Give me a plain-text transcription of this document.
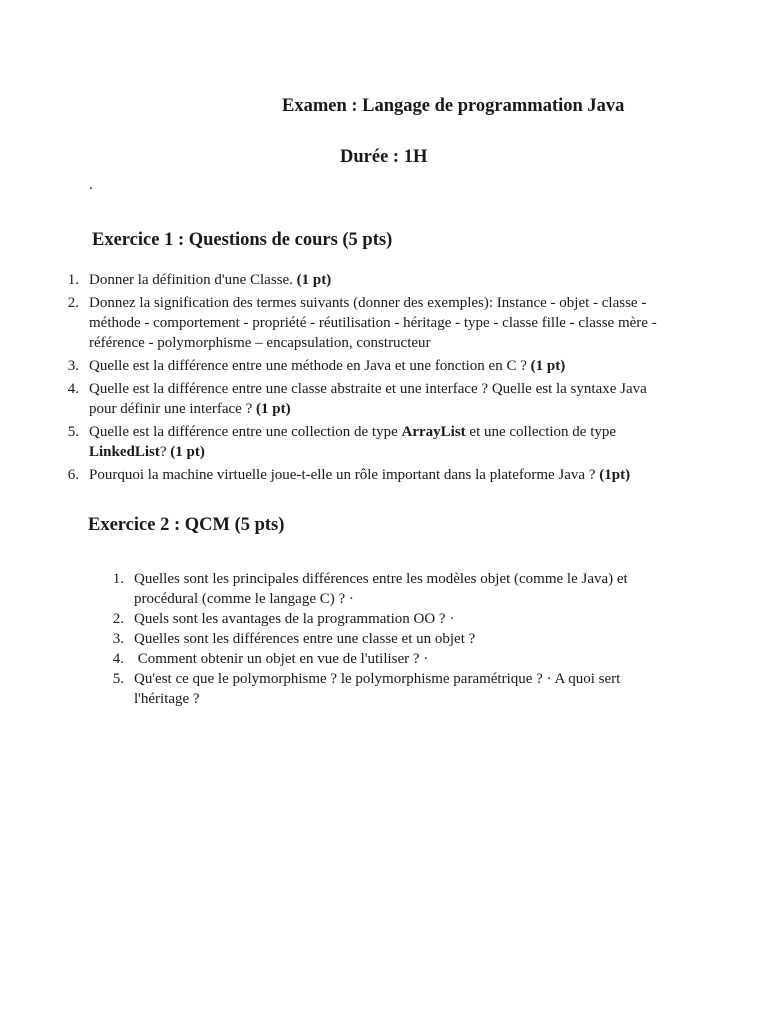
Examen : Langage de programmation Java
Durée : 1H
.
Exercice 1 : Questions de cours (5 pts)
1. Donner la définition d'une Classe. (1 pt)
2. Donnez la signification des termes suivants (donner des exemples): Instance - objet - classe - méthode - comportement - propriété - réutilisation - héritage - type - classe fille - classe mère - référence - polymorphisme – encapsulation, constructeur
3. Quelle est la différence entre une méthode en Java et une fonction en C ? (1 pt)
4. Quelle est la différence entre une classe abstraite et une interface ? Quelle est la syntaxe Java pour définir une interface ? (1 pt)
5. Quelle est la différence entre une collection de type ArrayList et une collection de type LinkedList? (1 pt)
6. Pourquoi la machine virtuelle joue-t-elle un rôle important dans la plateforme Java ? (1pt)
Exercice 2 : QCM (5 pts)
1. Quelles sont les principales différences entre les modèles objet (comme le Java) et procédural (comme le langage C) ? ·
2. Quels sont les avantages de la programmation OO ? ·
3. Quelles sont les différences entre une classe et un objet ?
4. Comment obtenir un objet en vue de l'utiliser ? ·
5. Qu'est ce que le polymorphisme ? le polymorphisme paramétrique ? · A quoi sert l'héritage ?
